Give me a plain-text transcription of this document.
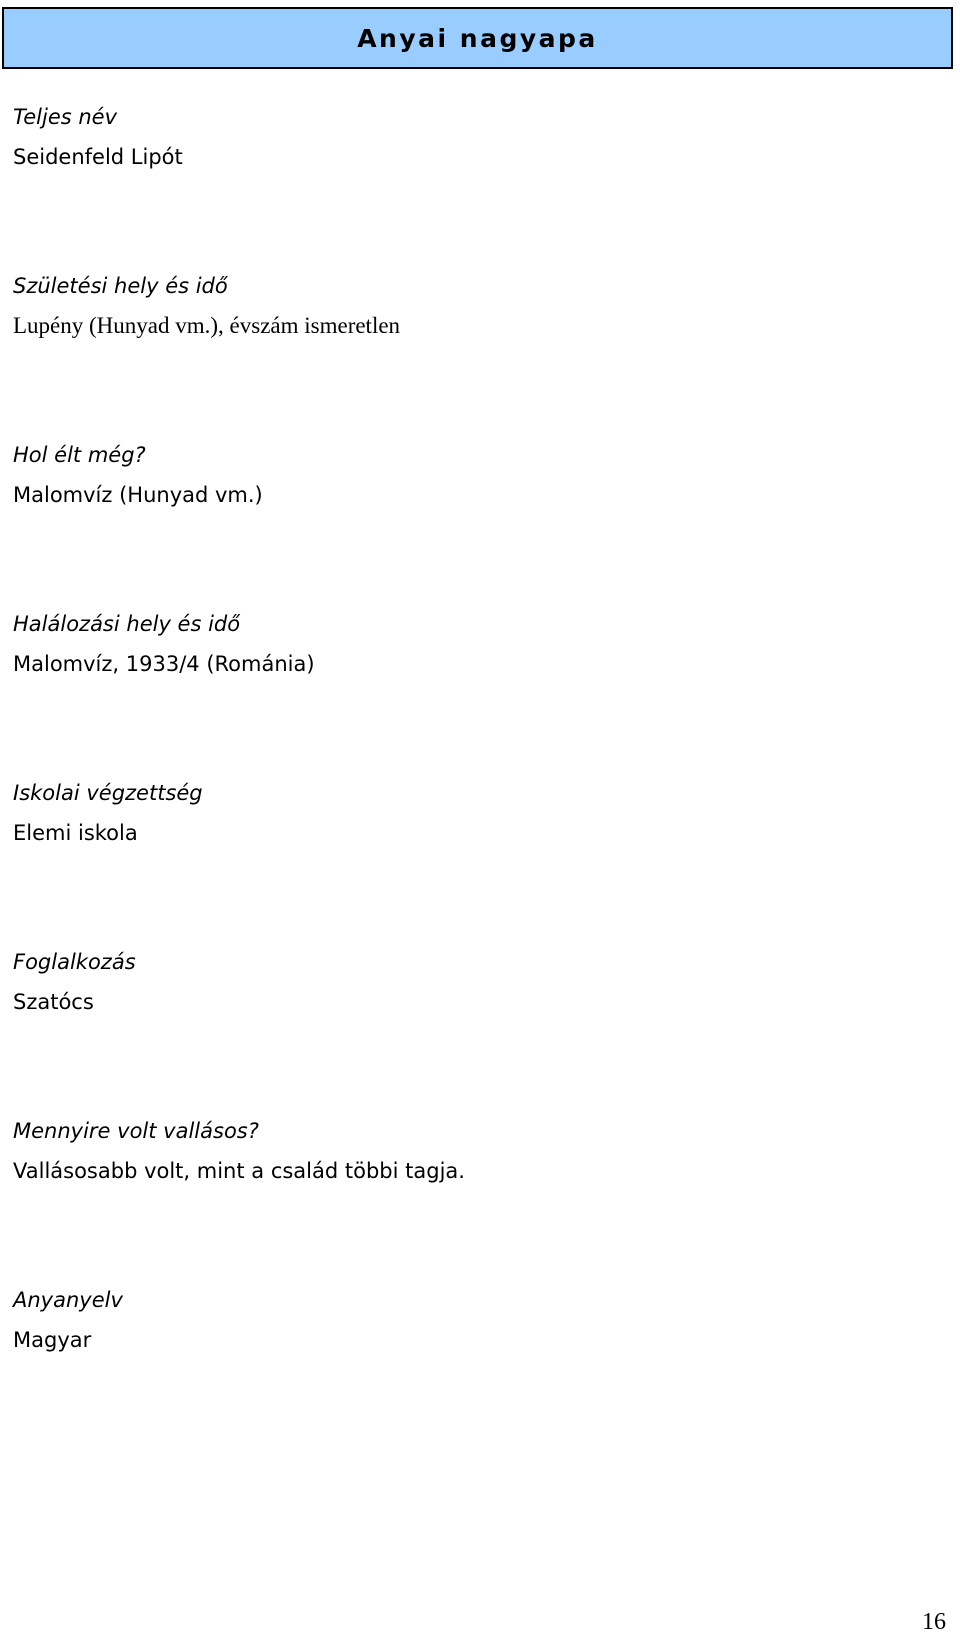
Anyai nagyapa

Teljes név

Seidenfeld Lipót

Születési hely és idő

Lupény (Hunyad vm.), évszám ismeretlen

Hol élt még?

Malomvíz (Hunyad vm.)

Halálozási hely és idő

Malomvíz, 1933/4 (Románia)

Iskolai végzettség

Elemi iskola

Foglalkozás

Szatócs

Mennyire volt vallásos?

Vallásosabb volt, mint a család többi tagja.

Anyanyelv

Magyar

16
